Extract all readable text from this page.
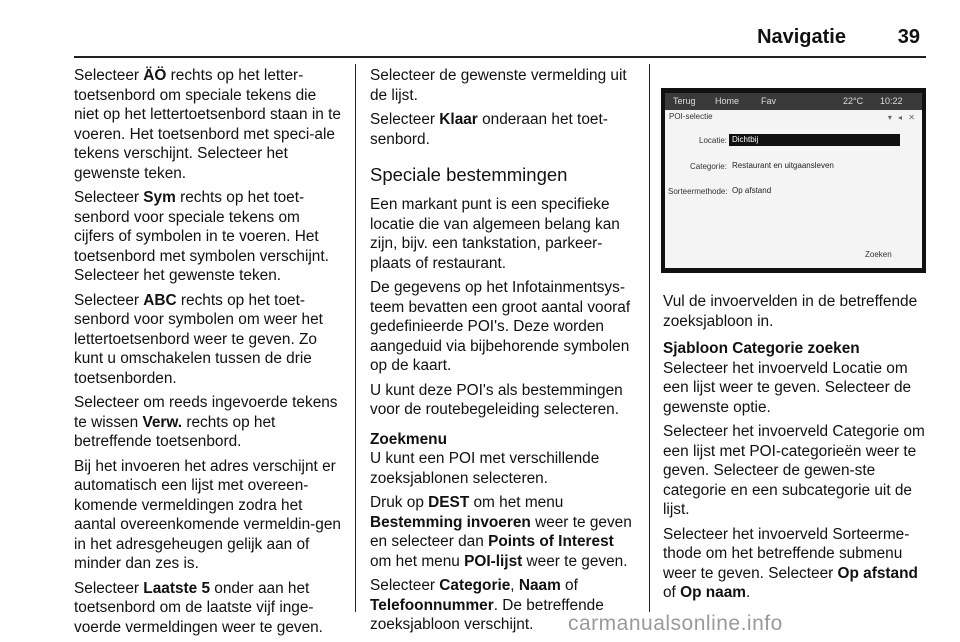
Navigatie	39

Selecteer ÄÖ rechts op het letter-toetsenbord om speciale tekens die niet op het lettertoetsenbord staan in te voeren. Het toetsenbord met speci-ale tekens verschijnt. Selecteer het gewenste teken.

Selecteer Sym rechts op het toet-senbord voor speciale tekens om cijfers of symbolen in te voeren. Het toetsenbord met symbolen verschijnt. Selecteer het gewenste teken.

Selecteer ABC rechts op het toet-senbord voor symbolen om weer het lettertoetsenbord weer te geven. Zo kunt u omschakelen tussen de drie toetsenborden.

Selecteer om reeds ingevoerde tekens te wissen Verw. rechts op het betreffende toetsenbord.

Bij het invoeren het adres verschijnt er automatisch een lijst met overeen-komende vermeldingen zodra het aantal overeenkomende vermeldin-gen in het adresgeheugen gelijk aan of minder dan zes is.

Selecteer Laatste 5 onder aan het toetsenbord om de laatste vijf inge-voerde vermeldingen weer te geven.

Selecteer de gewenste vermelding uit de lijst.

Selecteer Klaar onderaan het toet-senbord.

Speciale bestemmingen

Een markant punt is een specifieke locatie die van algemeen belang kan zijn, bijv. een tankstation, parkeer-plaats of restaurant.

De gegevens op het Infotainmentsys-teem bevatten een groot aantal vooraf gedefinieerde POI's. Deze worden aangeduid via bijbehorende symbolen op de kaart.

U kunt deze POI's als bestemmingen voor de routebegeleiding selecteren.

Zoekmenu

U kunt een POI met verschillende zoeksjablonen selecteren.

Druk op DEST om het menu Bestemming invoeren weer te geven en selecteer dan Points of Interest om het menu POI-lijst weer te geven.

Selecteer Categorie, Naam of Telefoonnummer. De betreffende zoeksjabloon verschijnt.

Terug Home Fav	22°C 10:22
POI-selectie	▾ ◂ ✕
Locatie: Dichtbij
Categorie: Restaurant en uitgaansleven
Sorteermethode: Op afstand
Zoeken

Vul de invoervelden in de betreffende zoeksjabloon in.

Sjabloon Categorie zoeken

Selecteer het invoerveld Locatie om een lijst weer te geven. Selecteer de gewenste optie.

Selecteer het invoerveld Categorie om een lijst met POI-categorieën weer te geven. Selecteer de gewen-ste categorie en een subcategorie uit de lijst.

Selecteer het invoerveld Sorteerme-thode om het betreffende submenu weer te geven. Selecteer Op afstand of Op naam.

carmanualsonline.info
